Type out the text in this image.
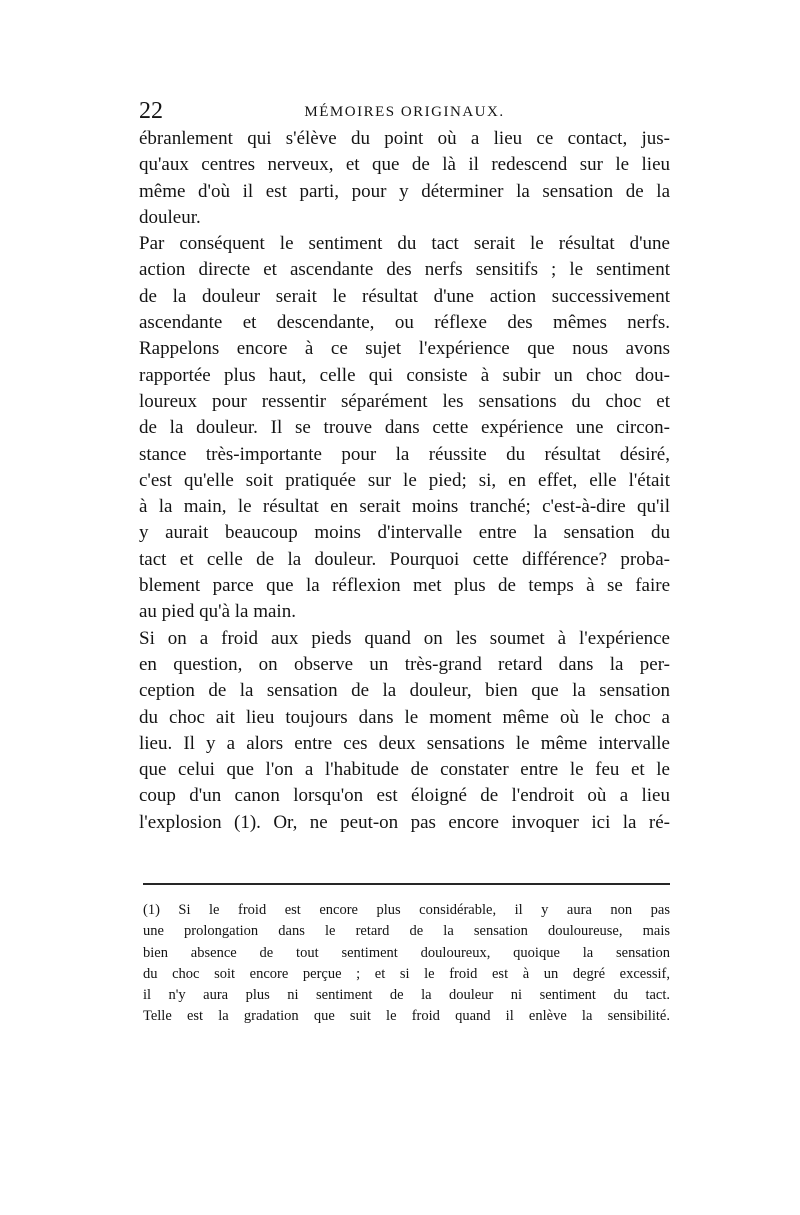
22	MÉMOIRES ORIGINAUX.
ébranlement qui s'élève du point où a lieu ce contact, jus-
qu'aux centres nerveux, et que de là il redescend sur le lieu
même d'où il est parti, pour y déterminer la sensation de la
douleur.
Par conséquent le sentiment du tact serait le résultat d'une
action directe et ascendante des nerfs sensitifs ; le sentiment
de la douleur serait le résultat d'une action successivement
ascendante et descendante, ou réflexe des mêmes nerfs.
Rappelons encore à ce sujet l'expérience que nous avons
rapportée plus haut, celle qui consiste à subir un choc dou-
loureux pour ressentir séparément les sensations du choc et
de la douleur. Il se trouve dans cette expérience une circon-
stance très-importante pour la réussite du résultat désiré,
c'est qu'elle soit pratiquée sur le pied; si, en effet, elle l'était
à la main, le résultat en serait moins tranché; c'est-à-dire qu'il
y aurait beaucoup moins d'intervalle entre la sensation du
tact et celle de la douleur. Pourquoi cette différence? proba-
blement parce que la réflexion met plus de temps à se faire
au pied qu'à la main.
Si on a froid aux pieds quand on les soumet à l'expérience
en question, on observe un très-grand retard dans la per-
ception de la sensation de la douleur, bien que la sensation
du choc ait lieu toujours dans le moment même où le choc a
lieu. Il y a alors entre ces deux sensations le même intervalle
que celui que l'on a l'habitude de constater entre le feu et le
coup d'un canon lorsqu'on est éloigné de l'endroit où a lieu
l'explosion (1). Or, ne peut-on pas encore invoquer ici la ré-
(1) Si le froid est encore plus considérable, il y aura non pas
une prolongation dans le retard de la sensation douloureuse, mais
bien absence de tout sentiment douloureux, quoique la sensation
du choc soit encore perçue ; et si le froid est à un degré excessif,
il n'y aura plus ni sentiment de la douleur ni sentiment du tact.
Telle est la gradation que suit le froid quand il enlève la sensibilité.
